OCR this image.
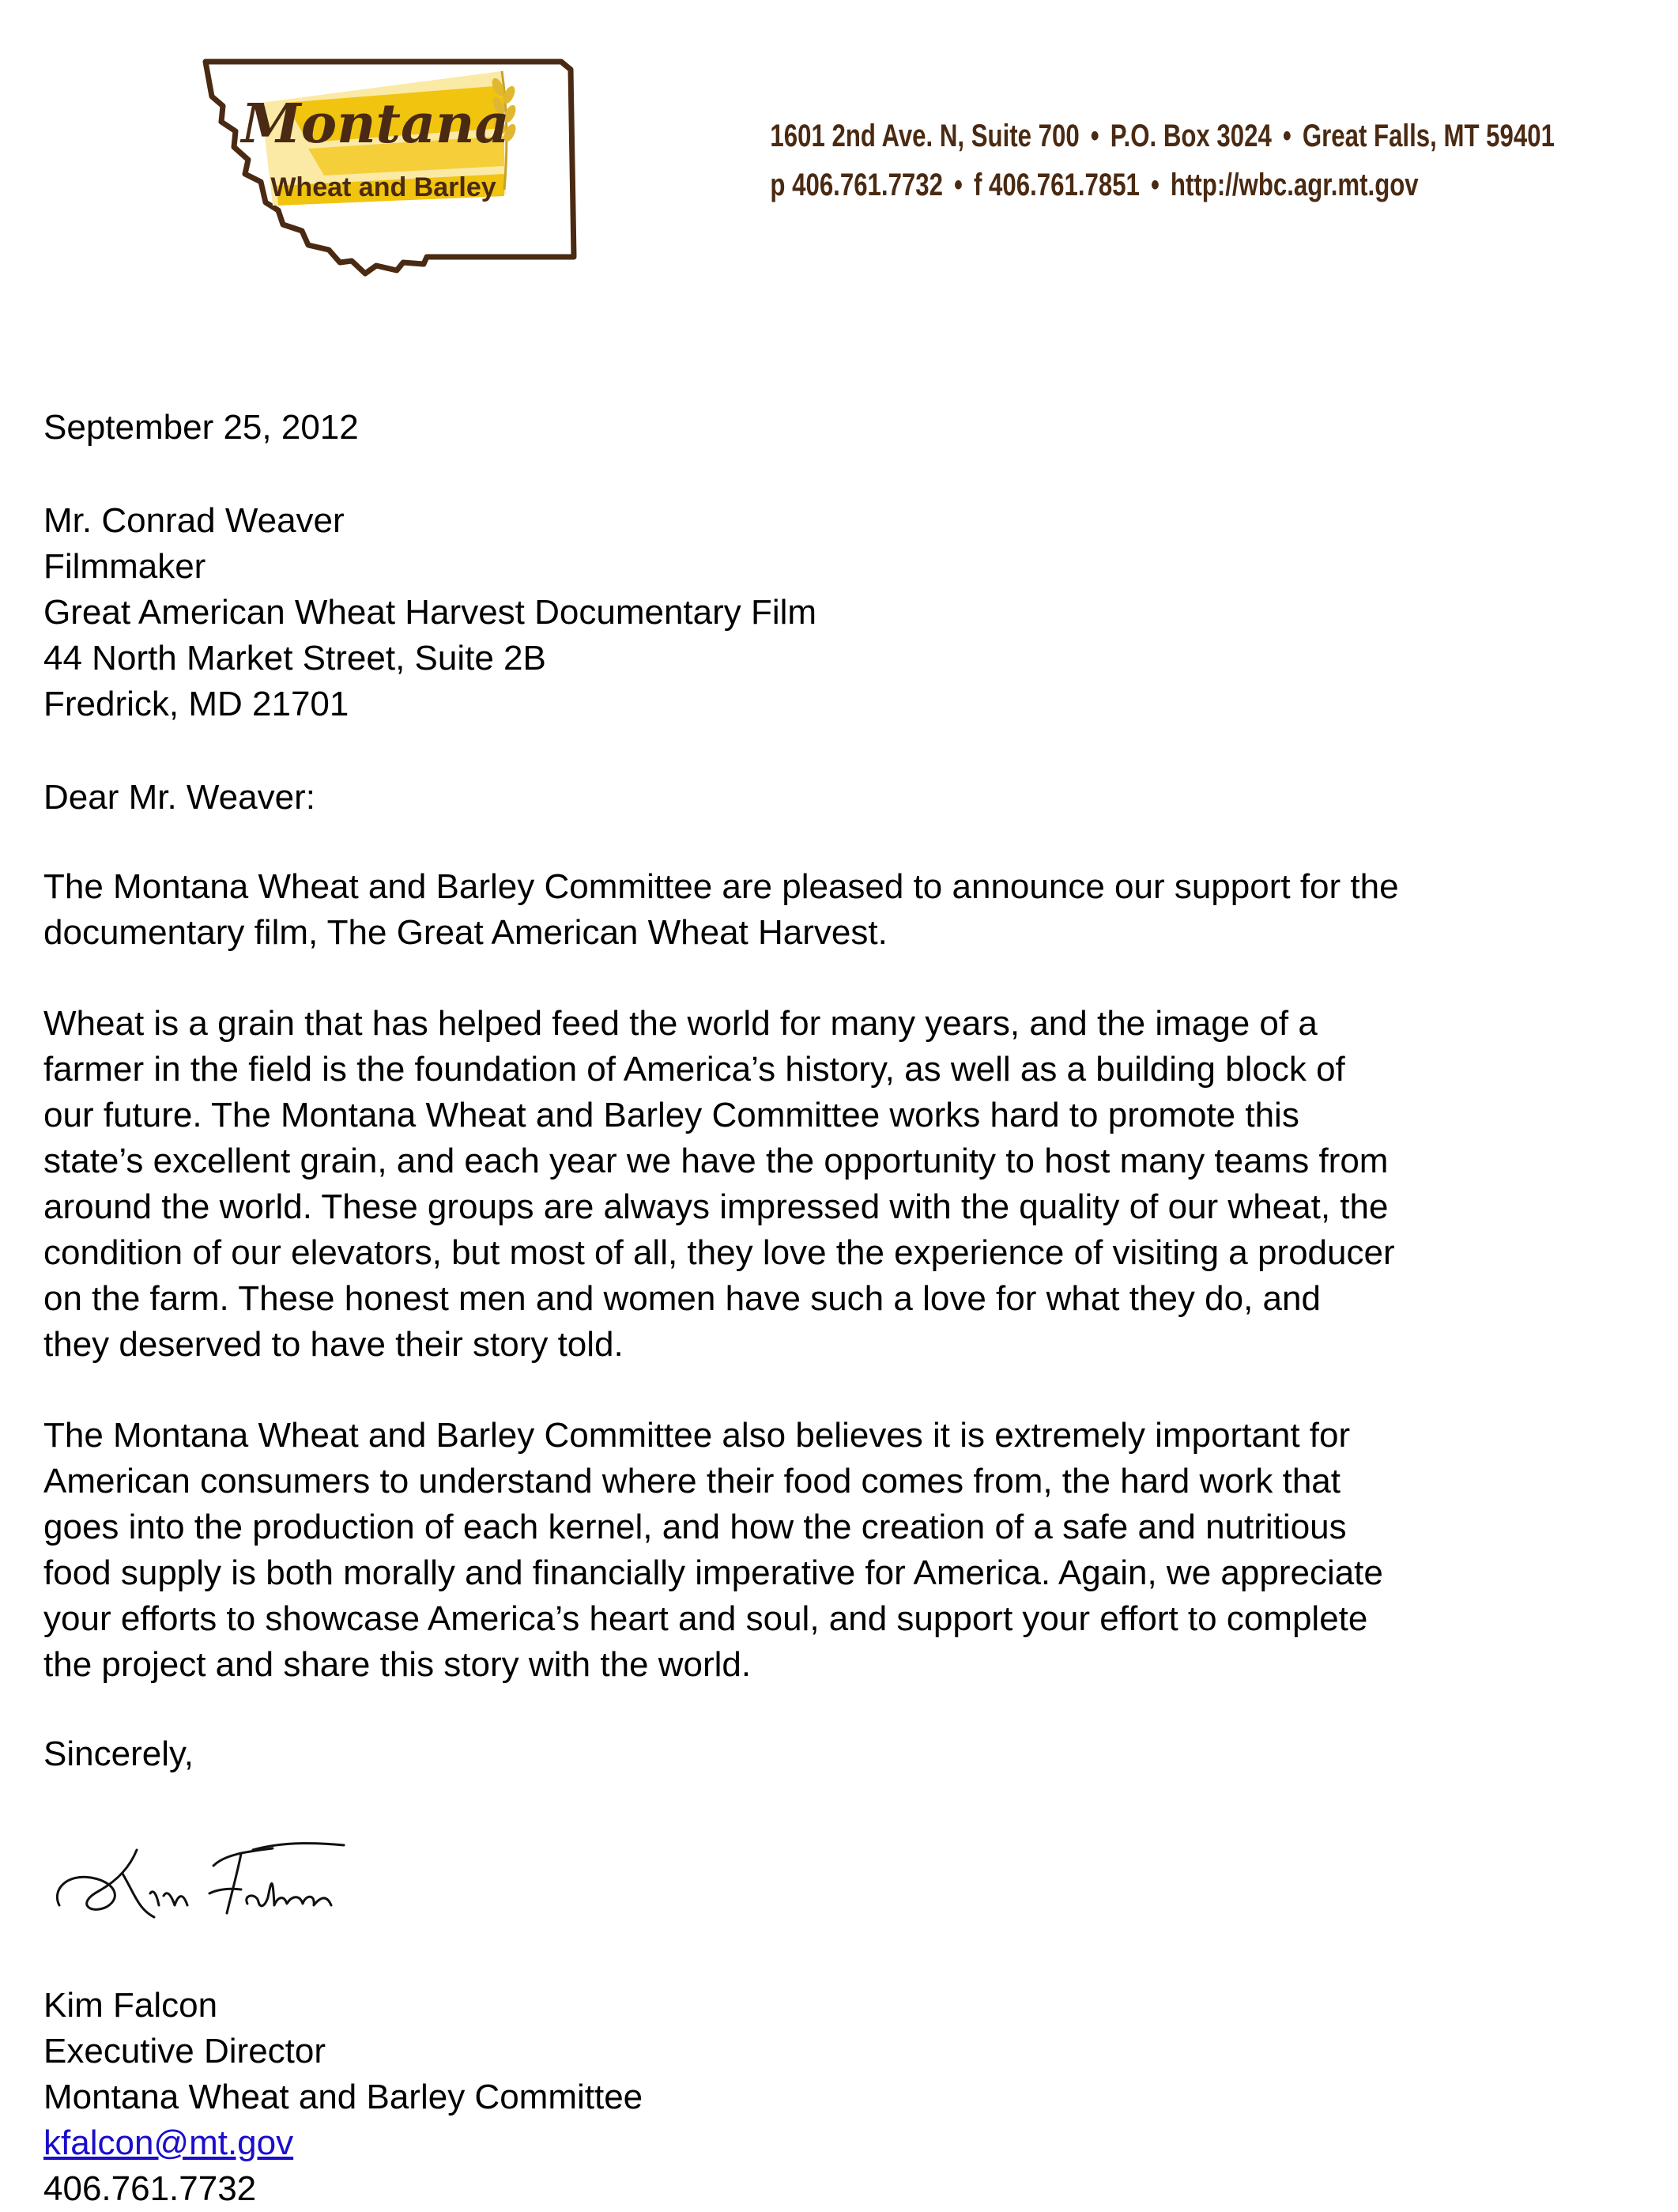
Montana
Wheat and Barley
1601 2nd Ave. N, Suite 700 • P.O. Box 3024 • Great Falls, MT 59401
p 406.761.7732 • f 406.761.7851 • http://wbc.agr.mt.gov
September 25, 2012
Mr. Conrad Weaver
Filmmaker
Great American Wheat Harvest Documentary Film
44 North Market Street, Suite 2B
Fredrick, MD 21701
Dear Mr. Weaver:
The Montana Wheat and Barley Committee are pleased to announce our support for the
documentary film, The Great American Wheat Harvest.
Wheat is a grain that has helped feed the world for many years, and the image of a
farmer in the field is the foundation of America’s history, as well as a building block of
our future. The Montana Wheat and Barley Committee works hard to promote this
state’s excellent grain, and each year we have the opportunity to host many teams from
around the world. These groups are always impressed with the quality of our wheat, the
condition of our elevators, but most of all, they love the experience of visiting a producer
on the farm. These honest men and women have such a love for what they do, and
they deserved to have their story told.
The Montana Wheat and Barley Committee also believes it is extremely important for
American consumers to understand where their food comes from, the hard work that
goes into the production of each kernel, and how the creation of a safe and nutritious
food supply is both morally and financially imperative for America. Again, we appreciate
your efforts to showcase America’s heart and soul, and support your effort to complete
the project and share this story with the world.
Sincerely,
Kim Falcon
Executive Director
Montana Wheat and Barley Committee
kfalcon@mt.gov
406.761.7732
